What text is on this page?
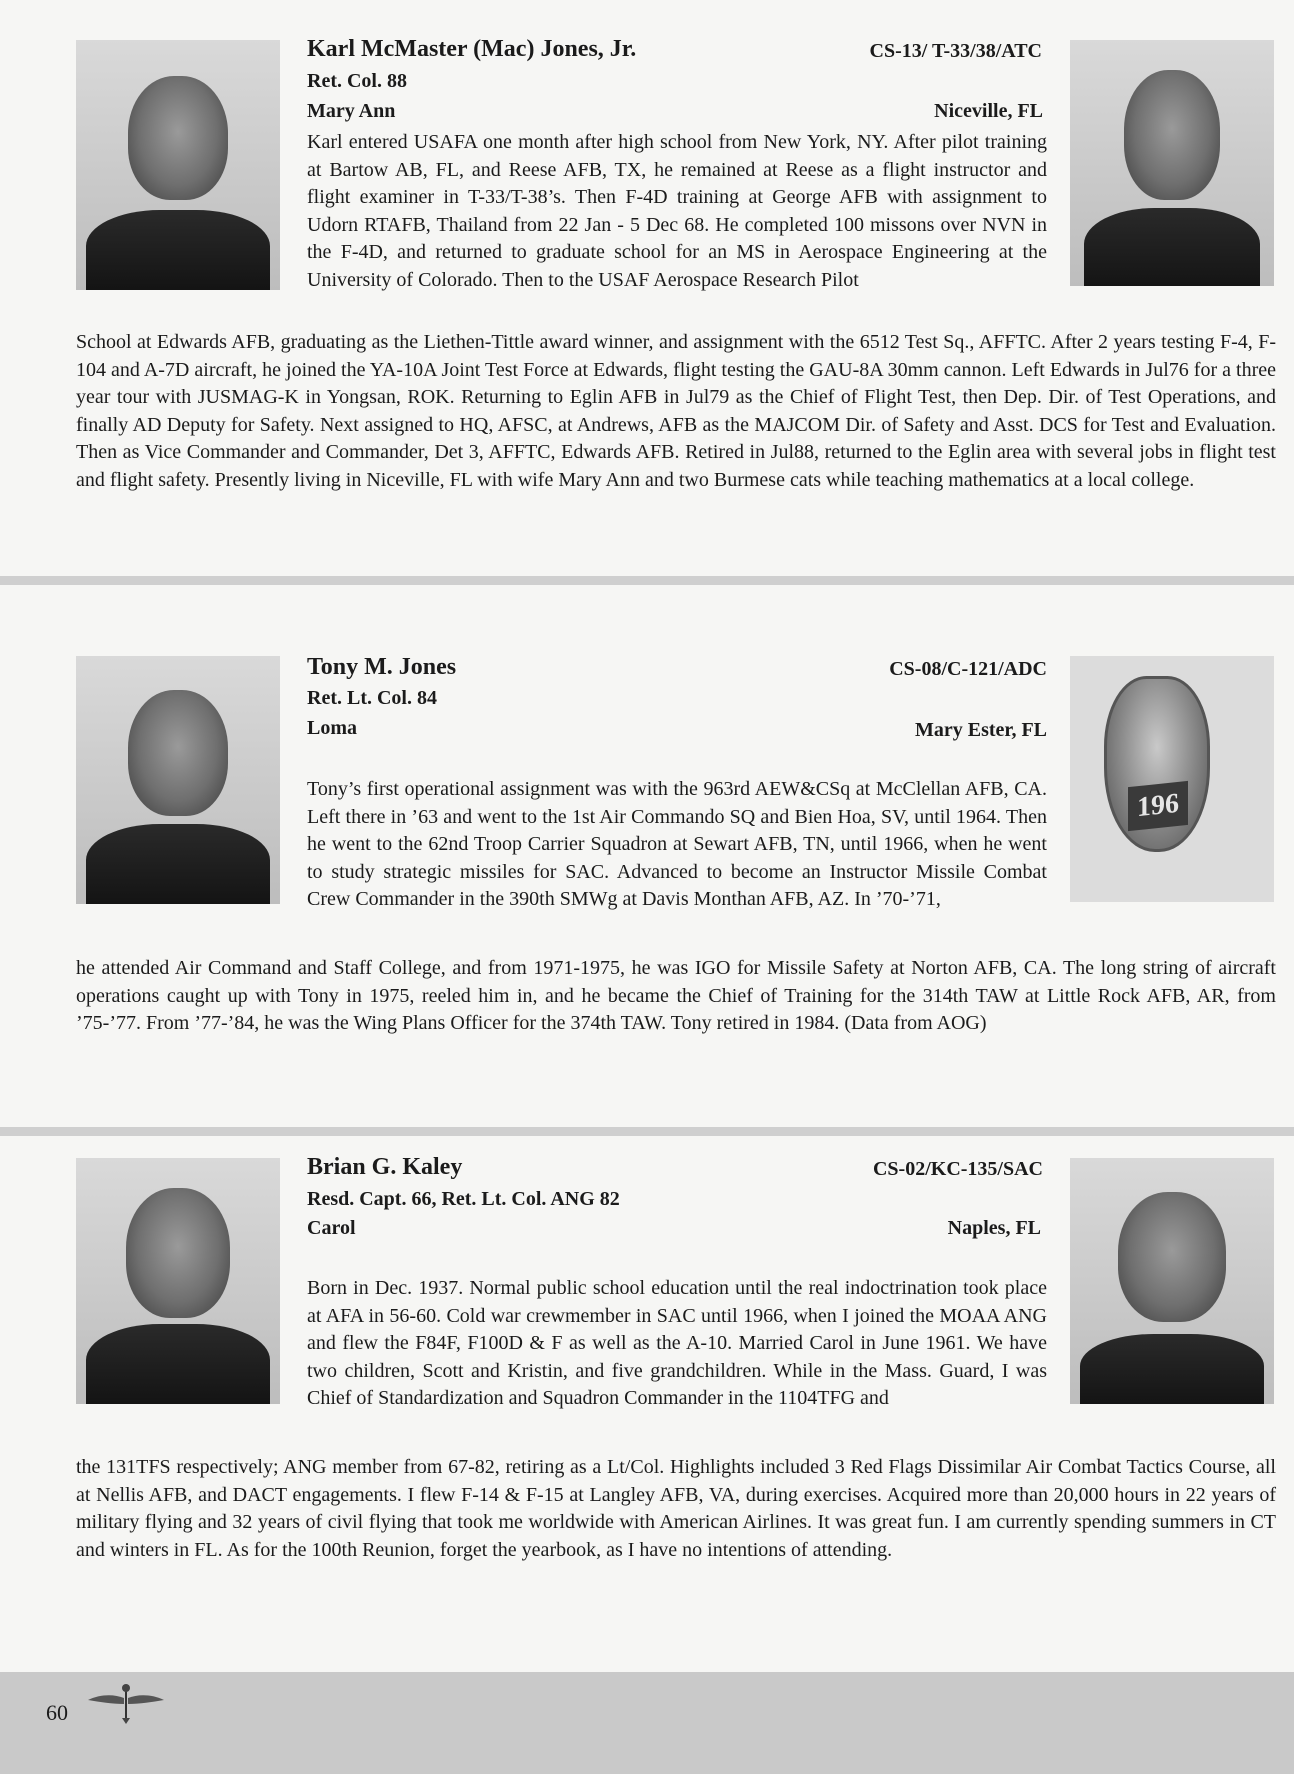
Karl McMaster (Mac) Jones, Jr.	CS-13/ T-33/38/ATC
Ret. Col. 88
Mary Ann	Niceville, FL
Karl entered USAFA one month after high school from New York, NY. After pilot training at Bartow AB, FL, and Reese AFB, TX, he remained at Reese as a flight instructor and flight examiner in T-33/T-38’s. Then F-4D training at George AFB with assignment to Udorn RTAFB, Thailand from 22 Jan - 5 Dec 68. He completed 100 missons over NVN in the F-4D, and returned to graduate school for an MS in Aerospace Engineering at the University of Colorado. Then to the USAF Aerospace Research Pilot
School at Edwards AFB, graduating as the Liethen-Tittle award winner, and assignment with the 6512 Test Sq., AFFTC. After 2 years testing F-4, F-104 and A-7D aircraft, he joined the YA-10A Joint Test Force at Edwards, flight testing the GAU-8A 30mm cannon. Left Edwards in Jul76 for a three year tour with JUSMAG-K in Yongsan, ROK. Returning to Eglin AFB in Jul79 as the Chief of Flight Test, then Dep. Dir. of Test Operations, and finally AD Deputy for Safety. Next assigned to HQ, AFSC, at Andrews, AFB as the MAJCOM Dir. of Safety and Asst. DCS for Test and Evaluation. Then as Vice Commander and Commander, Det 3, AFFTC, Edwards AFB. Retired in Jul88, returned to the Eglin area with several jobs in flight test and flight safety. Presently living in Niceville, FL with wife Mary Ann and two Burmese cats while teaching mathematics at a local college.
196
Tony M. Jones	CS-08/C-121/ADC
Ret. Lt. Col. 84
Loma	Mary Ester, FL
Tony’s first operational assignment was with the 963rd AEW&CSq at McClellan AFB, CA. Left there in ’63 and went to the 1st Air Commando SQ and Bien Hoa, SV, until 1964. Then he went to the 62nd Troop Carrier Squadron at Sewart AFB, TN, until 1966, when he went to study strategic missiles for SAC. Advanced to become an Instructor Missile Combat Crew Commander in the 390th SMWg at Davis Monthan AFB, AZ. In ’70-’71,
he attended Air Command and Staff College, and from 1971-1975, he was IGO for Missile Safety at Norton AFB, CA. The long string of aircraft operations caught up with Tony in 1975, reeled him in, and he became the Chief of Training for the 314th TAW at Little Rock AFB, AR, from ’75-’77. From ’77-’84, he was the Wing Plans Officer for the 374th TAW. Tony retired in 1984. (Data from AOG)
Brian G. Kaley	CS-02/KC-135/SAC
Resd. Capt. 66, Ret. Lt. Col. ANG 82
Carol	Naples, FL
Born in Dec. 1937. Normal public school education until the real indoctrination took place at AFA in 56-60. Cold war crewmember in SAC until 1966, when I joined the MOAA ANG and flew the F84F, F100D & F as well as the A-10. Married Carol in June 1961. We have two children, Scott and Kristin, and five grandchildren. While in the Mass. Guard, I was Chief of Standardization and Squadron Commander in the 1104TFG and
the 131TFS respectively; ANG member from 67-82, retiring as a Lt/Col. Highlights included 3 Red Flags Dissimilar Air Combat Tactics Course, all at Nellis AFB, and DACT engagements. I flew F-14 & F-15 at Langley AFB, VA, during exercises. Acquired more than 20,000 hours in 22 years of military flying and 32 years of civil flying that took me worldwide with American Airlines. It was great fun. I am currently spending summers in CT and winters in FL. As for the 100th Reunion, forget the yearbook, as I have no intentions of attending.
60
